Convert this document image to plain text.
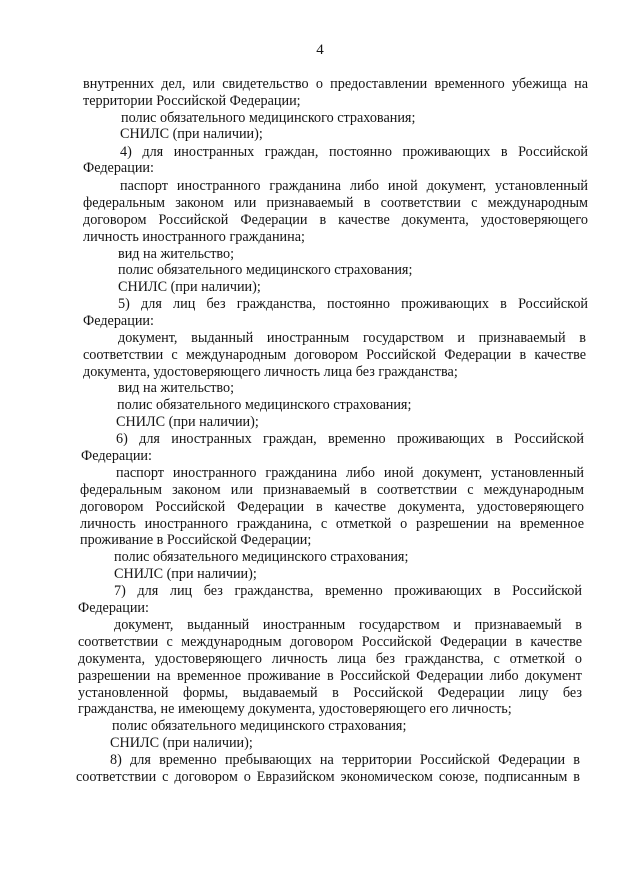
4
внутренних дел, или свидетельство о предоставлении временного убежища на
территории Российской Федерации;
полис обязательного медицинского страхования;
СНИЛС (при наличии);
4) для иностранных граждан, постоянно проживающих в Российской
Федерации:
паспорт иностранного гражданина либо иной документ, установленный
федеральным законом или признаваемый в соответствии с международным
договором Российской Федерации в качестве документа, удостоверяющего
личность иностранного гражданина;
вид на жительство;
полис обязательного медицинского страхования;
СНИЛС (при наличии);
5) для лиц без гражданства, постоянно проживающих в Российской
Федерации:
документ, выданный иностранным государством и признаваемый в
соответствии с международным договором Российской Федерации в качестве
документа, удостоверяющего личность лица без гражданства;
вид на жительство;
полис обязательного медицинского страхования;
СНИЛС (при наличии);
6) для иностранных граждан, временно проживающих в Российской
Федерации:
паспорт иностранного гражданина либо иной документ, установленный
федеральным законом или признаваемый в соответствии с международным
договором Российской Федерации в качестве документа, удостоверяющего
личность иностранного гражданина, с отметкой о разрешении на временное
проживание в Российской Федерации;
полис обязательного медицинского страхования;
СНИЛС (при наличии);
7) для лиц без гражданства, временно проживающих в Российской
Федерации:
документ, выданный иностранным государством и признаваемый в
соответствии с международным договором Российской Федерации в качестве
документа, удостоверяющего личность лица без гражданства, с отметкой о
разрешении на временное проживание в Российской Федерации либо документ
установленной формы, выдаваемый в Российской Федерации лицу без
гражданства, не имеющему документа, удостоверяющего его личность;
полис обязательного медицинского страхования;
СНИЛС (при наличии);
8) для временно пребывающих на территории Российской Федерации в
соответствии с договором о Евразийском экономическом союзе, подписанным в
